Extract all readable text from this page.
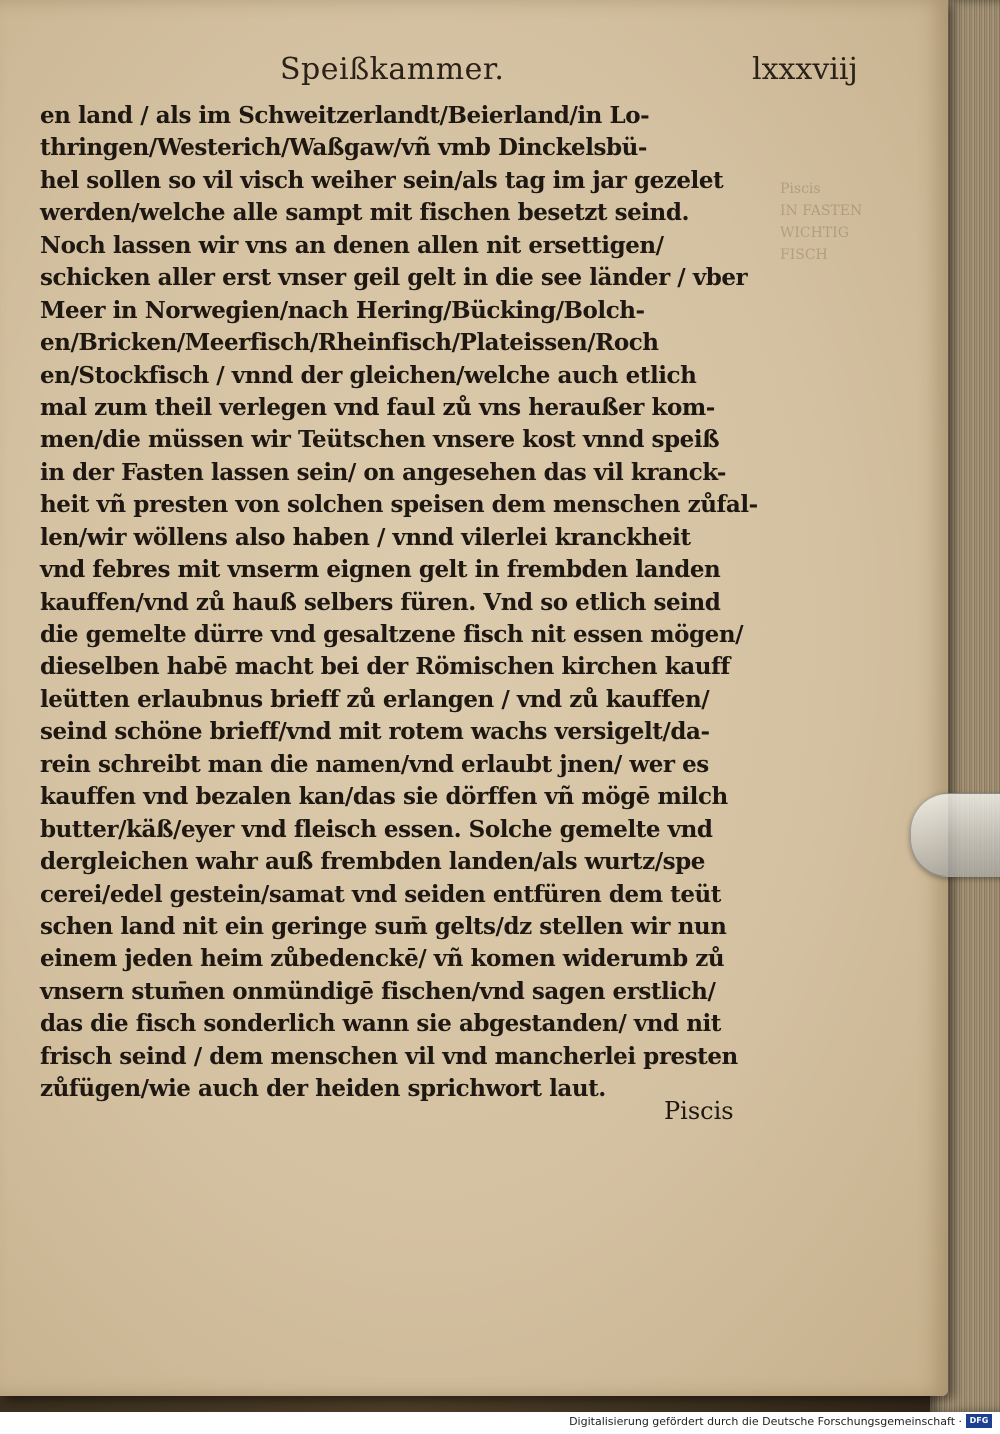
Speißkammer.	lxxxviij
Piscis
IN FASTEN
WICHTIG
FISCH
en land / als im Schweitzerlandt/Beierland/in Lo-
thringen/Westerich/Waßgaw/vñ vmb Dinckelsbü-
hel sollen so vil visch weiher sein/als tag im jar gezelet
werden/welche alle sampt mit fischen besetzt seind.
Noch lassen wir vns an denen allen nit ersettigen/
schicken aller erst vnser geil gelt in die see länder / vber
Meer in Norwegien/nach Hering/Bücking/Bolch-
en/Bricken/Meerfisch/Rheinfisch/Plateissen/Roch
en/Stockfisch / vnnd der gleichen/welche auch etlich
mal zum theil verlegen vnd faul zů vns heraußer kom-
men/die müssen wir Teütschen vnsere kost vnnd speiß
in der Fasten lassen sein/ on angesehen das vil kranck-
heit vñ presten von solchen speisen dem menschen zůfal-
len/wir wöllens also haben / vnnd vilerlei kranckheit
vnd febres mit vnserm eignen gelt in frembden landen
kauffen/vnd zů hauß selbers füren. Vnd so etlich seind
die gemelte dürre vnd gesaltzene fisch nit essen mögen/
dieselben habē macht bei der Römischen kirchen kauff
leütten erlaubnus brieff zů erlangen / vnd zů kauffen/
seind schöne brieff/vnd mit rotem wachs versigelt/da-
rein schreibt man die namen/vnd erlaubt jnen/ wer es
kauffen vnd bezalen kan/das sie dörffen vñ mögē milch
butter/käß/eyer vnd fleisch essen. Solche gemelte vnd
dergleichen wahr auß frembden landen/als wurtz/spe
cerei/edel gestein/samat vnd seiden entfüren dem teüt
schen land nit ein geringe sum̄ gelts/dz stellen wir nun
einem jeden heim zůbedenckē/ vñ komen widerumb zů
vnsern stum̄en onmündigē fischen/vnd sagen erstlich/
das die fisch sonderlich wann sie abgestanden/ vnd nit
frisch seind / dem menschen vil vnd mancherlei presten
zůfügen/wie auch der heiden sprichwort laut.
Piscis
Digitalisierung gefördert durch die Deutsche Forschungsgemeinschaft · DFG
